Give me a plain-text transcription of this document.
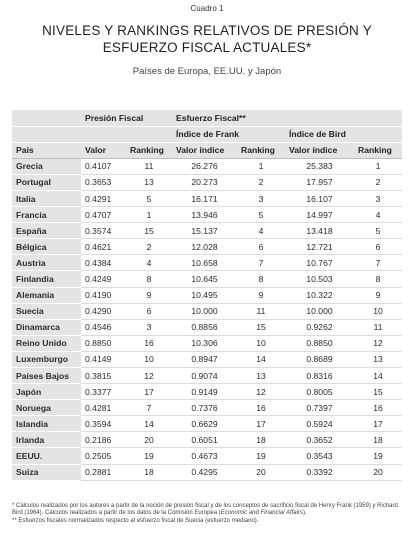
Cuadro 1
NIVELES Y RANKINGS RELATIVOS DE PRESIÓN Y
ESFUERZO FISCAL ACTUALES*
Países de Europa, EE.UU. y Japón
	Presión Fiscal		Esfuerzo Fiscal**			
			Índice de Frank		Índice de Bird	
País	Valor	Ranking	Valor índice	Ranking	Valor índice	Ranking
Grecia	0.4107	11	26.276	1	25.383	1
Portugal	0.3653	13	20.273	2	17.957	2
Italia	0.4291	5	16.171	3	16.107	3
Francia	0.4707	1	13.946	5	14.997	4
España	0.3574	15	15.137	4	13.418	5
Bélgica	0.4621	2	12.028	6	12.721	6
Austria	0.4384	4	10.658	7	10.767	7
Finlandia	0.4249	8	10.645	8	10.503	8
Alemania	0.4190	9	10.495	9	10.322	9
Suecia	0.4290	6	10.000	11	10.000	10
Dinamarca	0.4546	3	0.8856	15	0.9262	11
Reino Unido	0.8850	16	10.306	10	0.8850	12
Luxemburgo	0.4149	10	0.8947	14	0.8689	13
Países Bajos	0.3815	12	0.9074	13	0.8316	14
Japón	0.3377	17	0.9149	12	0.8005	15
Noruega	0.4281	7	0.7376	16	0.7397	16
Islandia	0.3594	14	0.6629	17	0.5924	17
Irlanda	0.2186	20	0.6051	18	0.3652	18
EEUU.	0.2505	19	0.4673	19	0.3543	19
Suiza	0.2881	18	0.4295	20	0.3392	20
* Cálculos realizados por los autores a partir de la noción de presión fiscal y de los conceptos de sacrificio fiscal de Henry Frank (1959) y Richard Bird (1964). Cálculos realizados a partir de los datos de la Comisión Europea (Economic and Financial Affairs).
** Esfuerzos fiscales normalizados respecto al esfuerzo fiscal de Suecia (esfuerzo mediano).
